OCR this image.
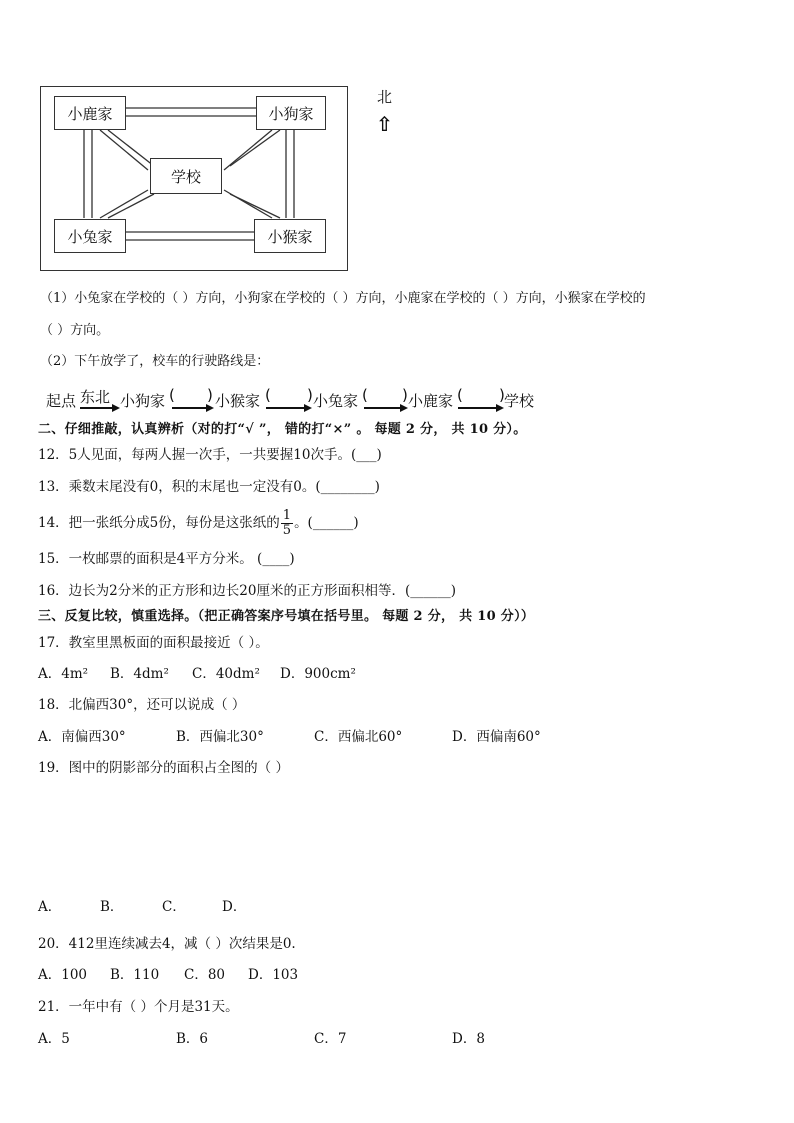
小鹿家	小狗家
学校
小兔家	小猴家
北
⇧
（1）小兔家在学校的（ ）方向，小狗家在学校的（ ）方向，小鹿家在学校的（ ）方向，小猴家在学校的
（ ）方向。
（2）下午放学了，校车的行驶路线是：
起点 东北 小狗家 ( ) 小猴家 ( ) 小兔家 ( ) 小鹿家 ( ) 学校
二、仔细推敲，认真辨析（对的打“√ ”， 错的打“×” 。 每题 2 分， 共 10 分）。
12．5人见面，每两人握一次手，一共要握10次手。(___)
13．乘数末尾没有0，积的末尾也一定没有0。(________)
14．把一张纸分成5份，每份是这张纸的 $\frac{1}{5}$ 。(______)
15．一枚邮票的面积是4平方分米。 (____)
16．边长为2分米的正方形和边长20厘米的正方形面积相等．(______)
三、反复比较，慎重选择。（把正确答案序号填在括号里。 每题 2 分， 共 10 分））
17．教室里黑板面的面积最接近（ ）。
A．4m² B．4dm² C．40dm² D．900cm²
18．北偏西30°，还可以说成（ ）
A．南偏西30°	B．西偏北30°	C．西偏北60°	D．西偏南60°
19．图中的阴影部分的面积占全图的（ ）
A．	B．	C．	D．
20．412里连续减去4，减（ ）次结果是0.
A．100 B．110 C．80 D．103
21．一年中有（ ）个月是31天。
A．5	B．6	C．7	D．8
